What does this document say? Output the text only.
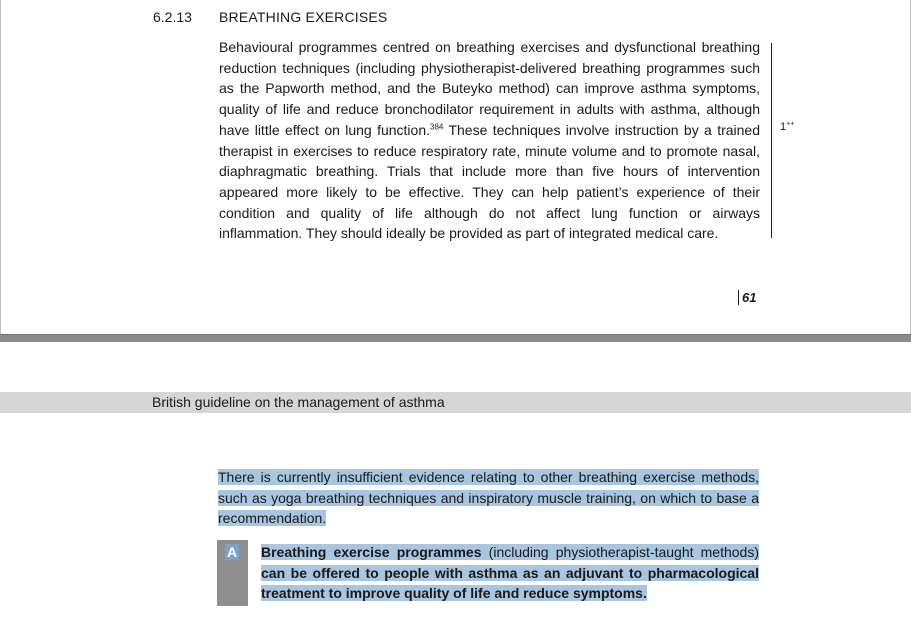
6.2.13 BREATHING EXERCISES
Behavioural programmes centred on breathing exercises and dysfunctional breathing reduction techniques (including physiotherapist-delivered breathing programmes such as the Papworth method, and the Buteyko method) can improve asthma symptoms, quality of life and reduce bronchodilator requirement in adults with asthma, although have little effect on lung function.$^{384}$ These techniques involve instruction by a trained therapist in exercises to reduce respiratory rate, minute volume and to promote nasal, diaphragmatic breathing. Trials that include more than five hours of intervention appeared more likely to be effective. They can help patient’s experience of their condition and quality of life although do not affect lung function or airways inflammation. They should ideally be provided as part of integrated medical care.
1++
61
British guideline on the management of asthma
There is currently insufficient evidence relating to other breathing exercise methods, such as yoga breathing techniques and inspiratory muscle training, on which to base a recommendation.
A Breathing exercise programmes (including physiotherapist-taught methods) can be offered to people with asthma as an adjuvant to pharmacological treatment to improve quality of life and reduce symptoms.
